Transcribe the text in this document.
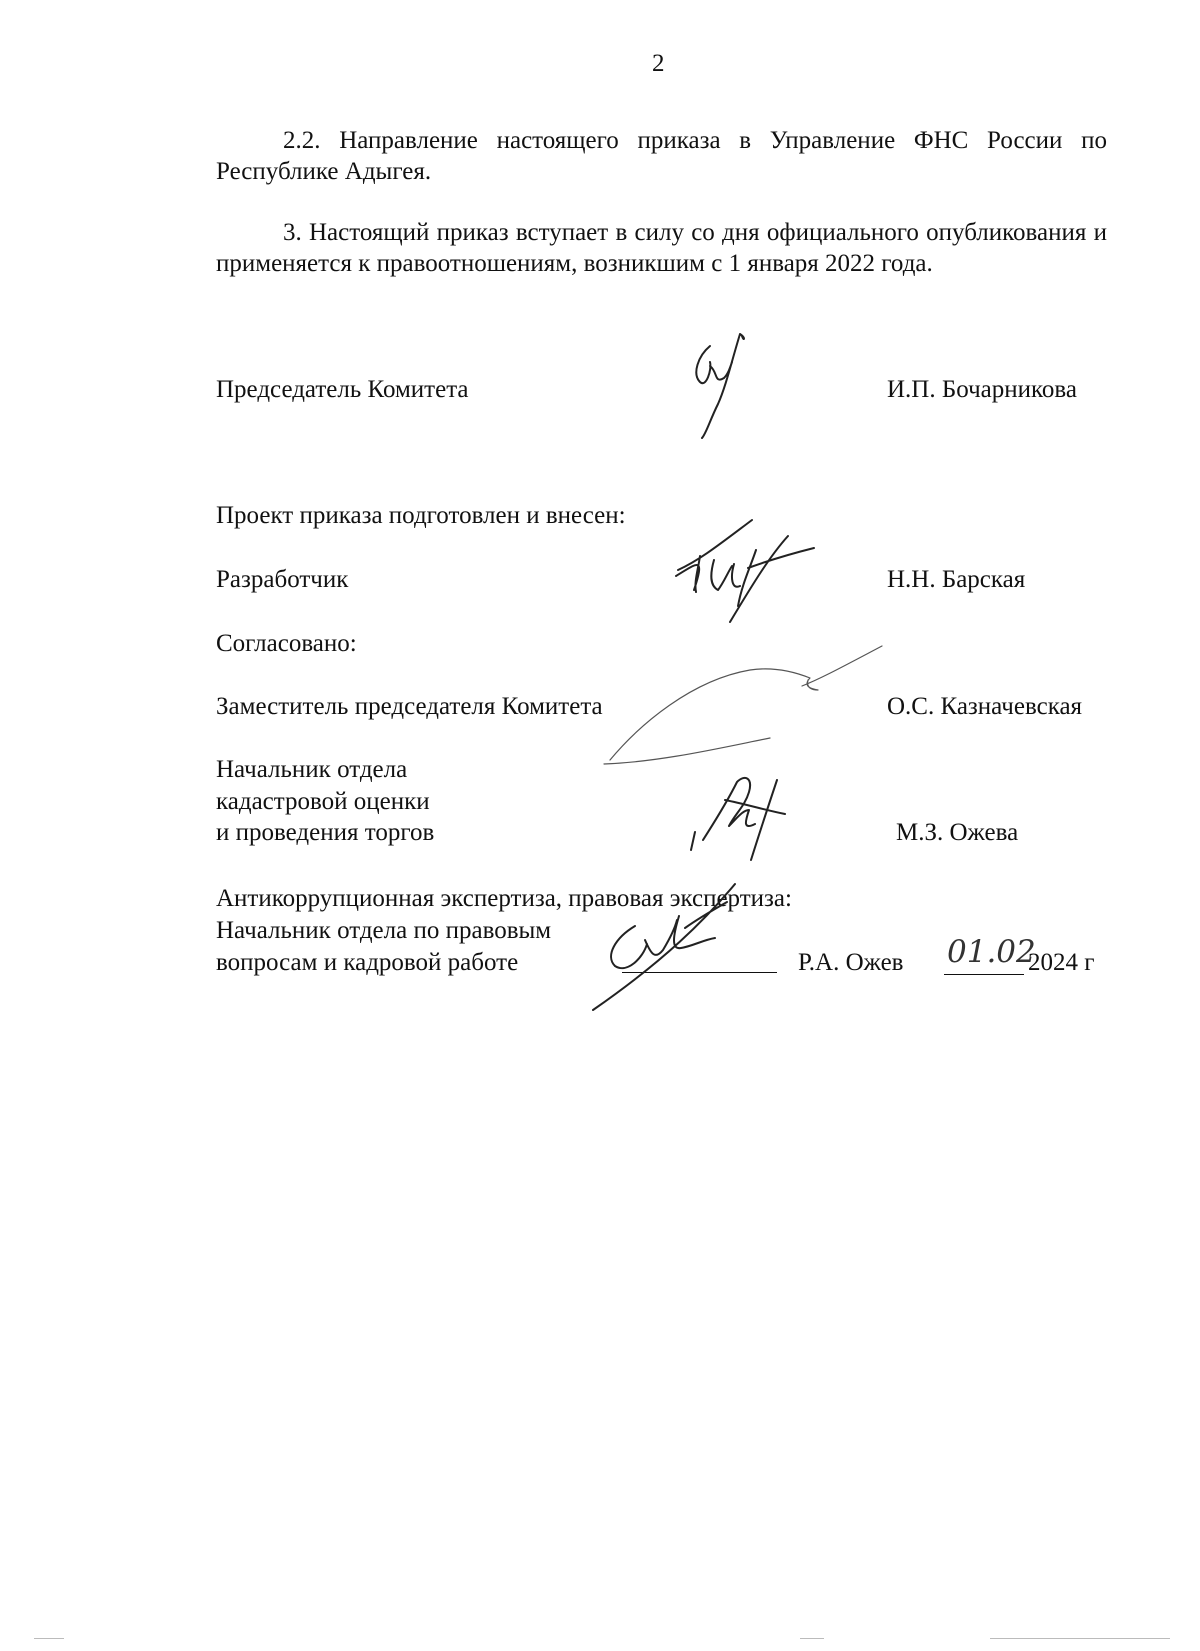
2
2.2. Направление настоящего приказа в Управление ФНС России по Республике Адыгея.
3. Настоящий приказ вступает в силу со дня официального опубликования и применяется к правоотношениям, возникшим с 1 января 2022 года.
Председатель Комитета	И.П. Бочарникова
Проект приказа подготовлен и внесен:
Разработчик	Н.Н. Барская
Согласовано:
Заместитель председателя Комитета	О.С. Казначевская
Начальник отдела
кадастровой оценки
и проведения торгов	М.З. Ожева
Антикоррупционная экспертиза, правовая экспертиза:
Начальник отдела по правовым
вопросам и кадровой работе	Р.А. Ожев 01.02
2024 г
